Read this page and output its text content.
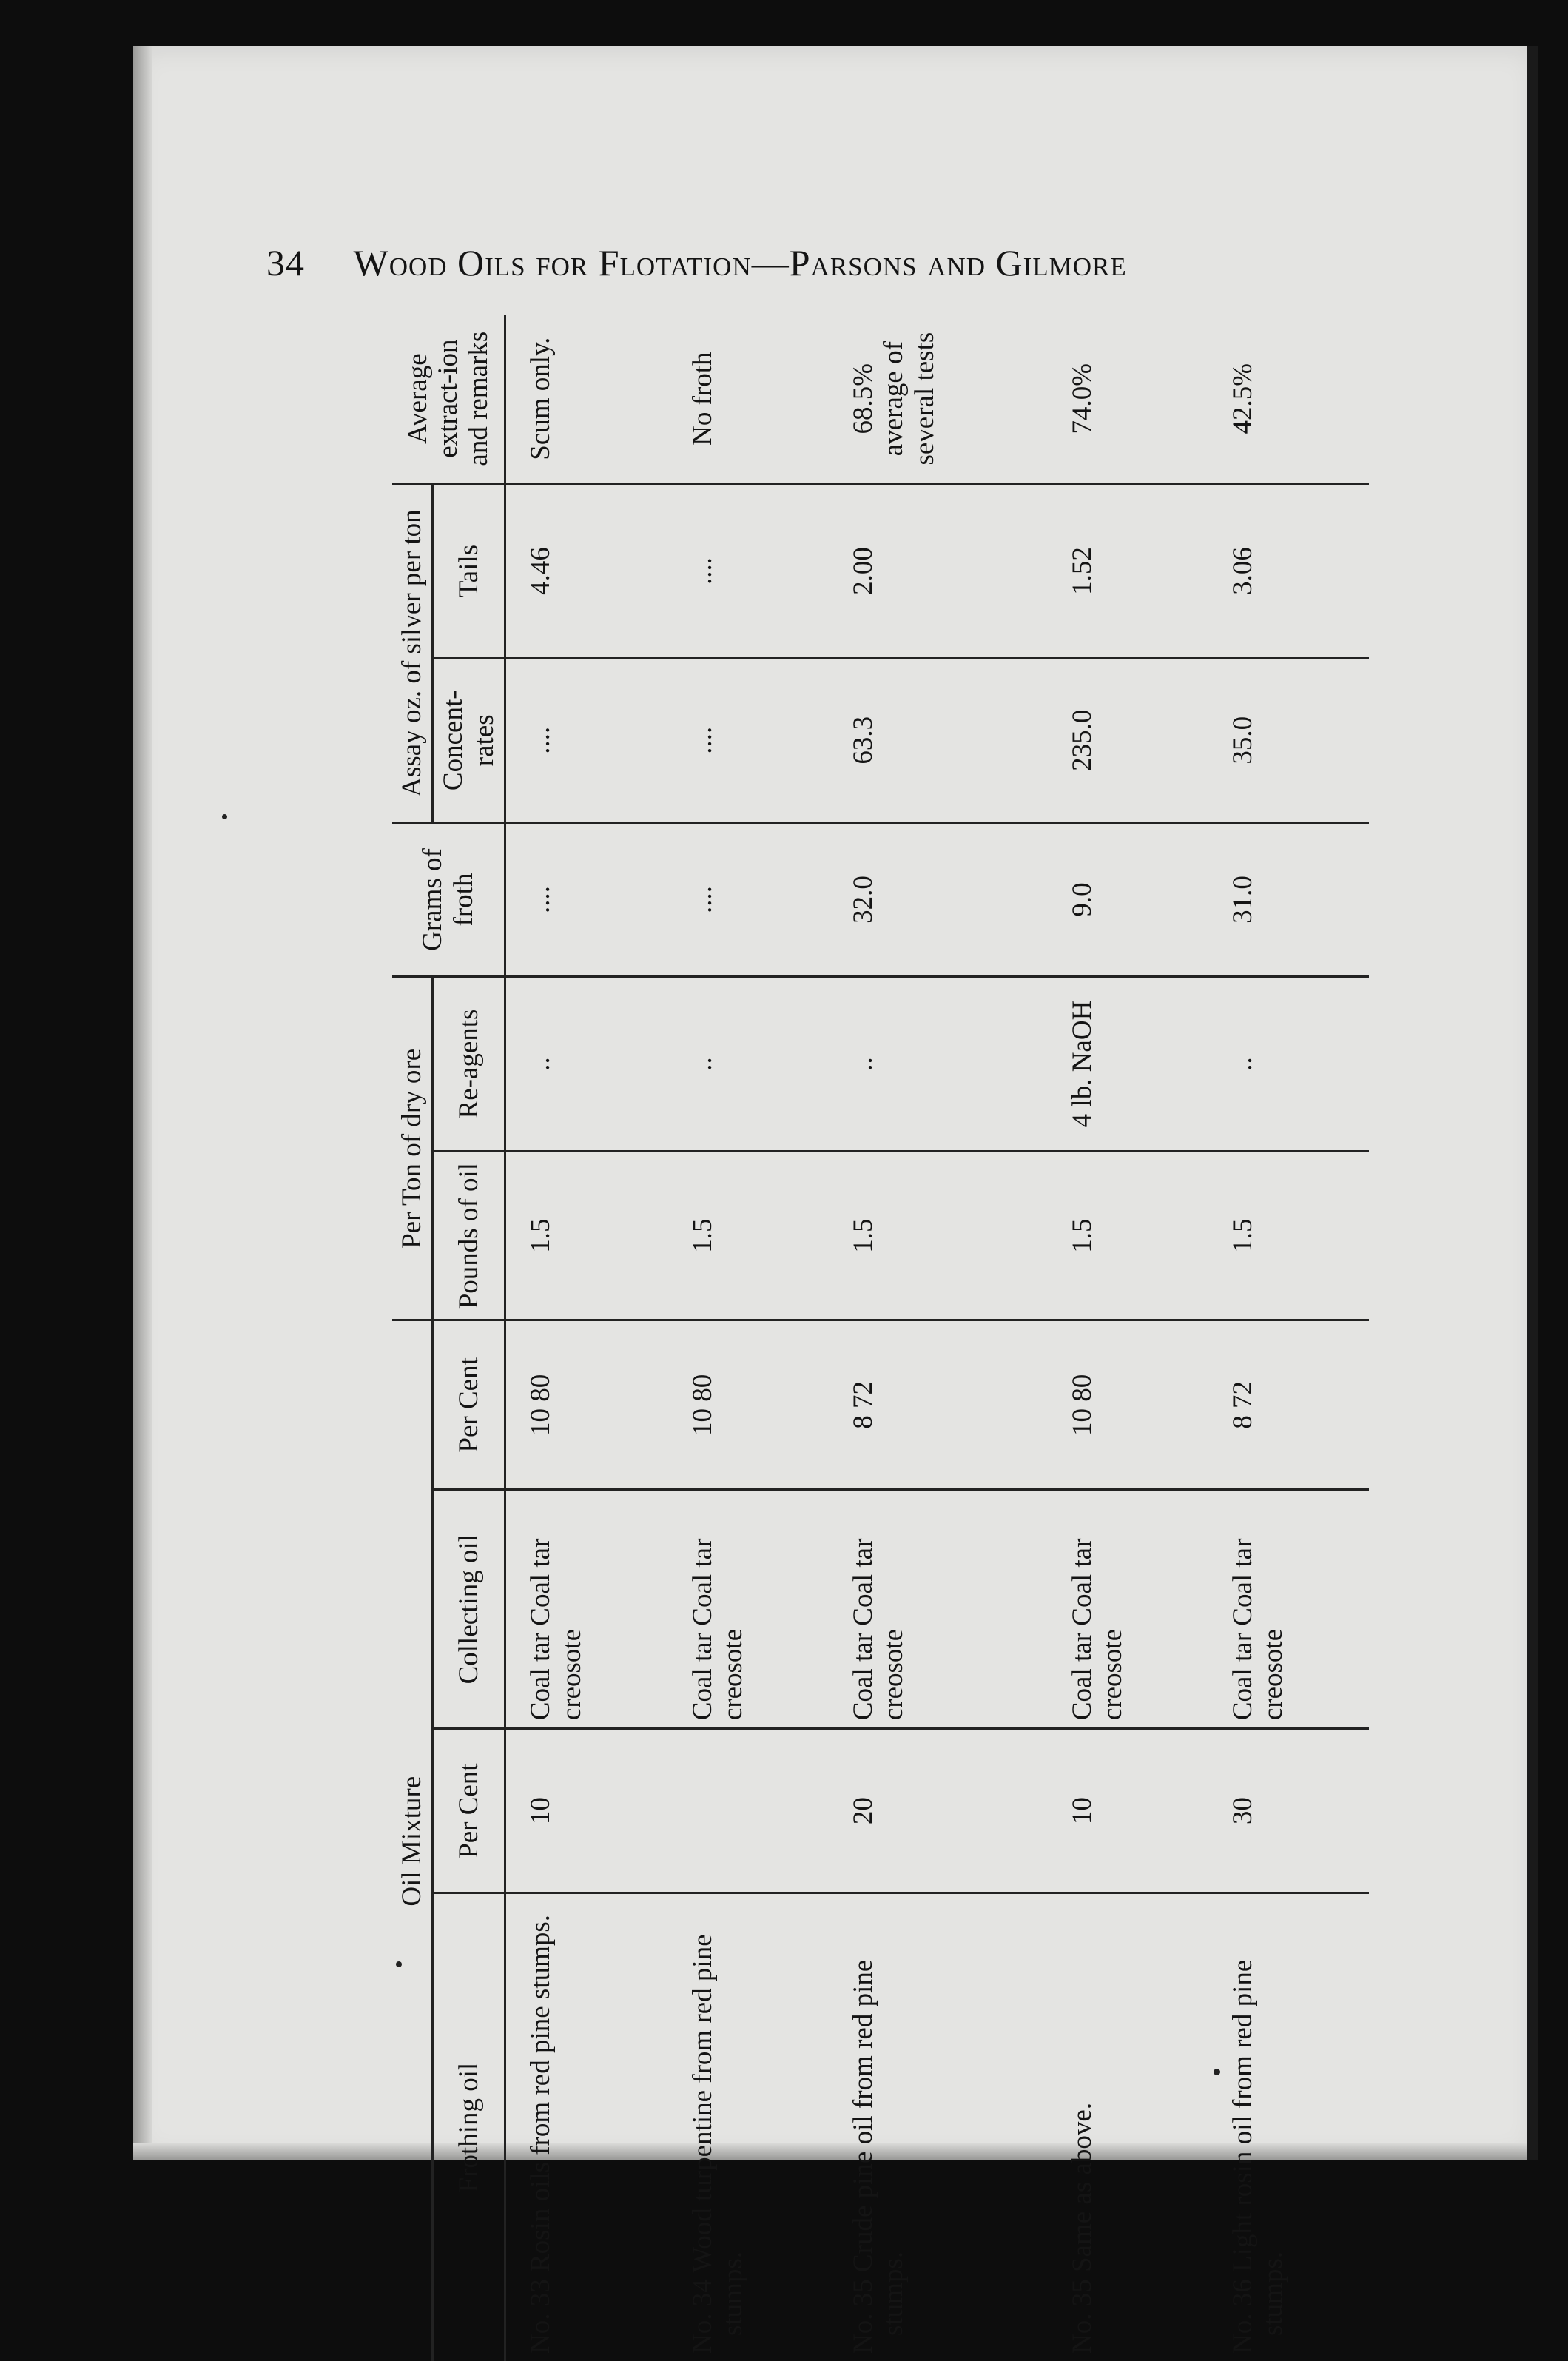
34 Wood Oils for Flotation—Parsons and Gilmore
Oil Mixture				Per Ton of dry ore		Grams of froth	Assay oz. of silver per ton		Average extract-ion and remarks
Frothing oil	Per Cent	Collecting oil	Per Cent	Pounds of oil	Re-agents		Concent-rates	Tails	
No. 33 Rosin oils from red pine stumps.	10	Coal tar Coal tar creosote	10 80	1.5	..	....	....	4.46	Scum only.
No. 34 Wood turpentine from red pine stumps.		Coal tar Coal tar creosote	10 80	1.5	..	....	....	....	No froth
No. 35 Crude pine oil from red pine stumps.	20	Coal tar Coal tar creosote	8 72	1.5	..	32.0	63.3	2.00	68.5% average of several tests
No. 35 Same as above.	10	Coal tar Coal tar creosote	10 80	1.5	4 lb. NaOH	9.0	235.0	1.52	74.0%
No. 36 Light rosin oil from red pine stumps.	30	Coal tar Coal tar creosote	8 72	1.5	..	31.0	35.0	3.06	42.5%
